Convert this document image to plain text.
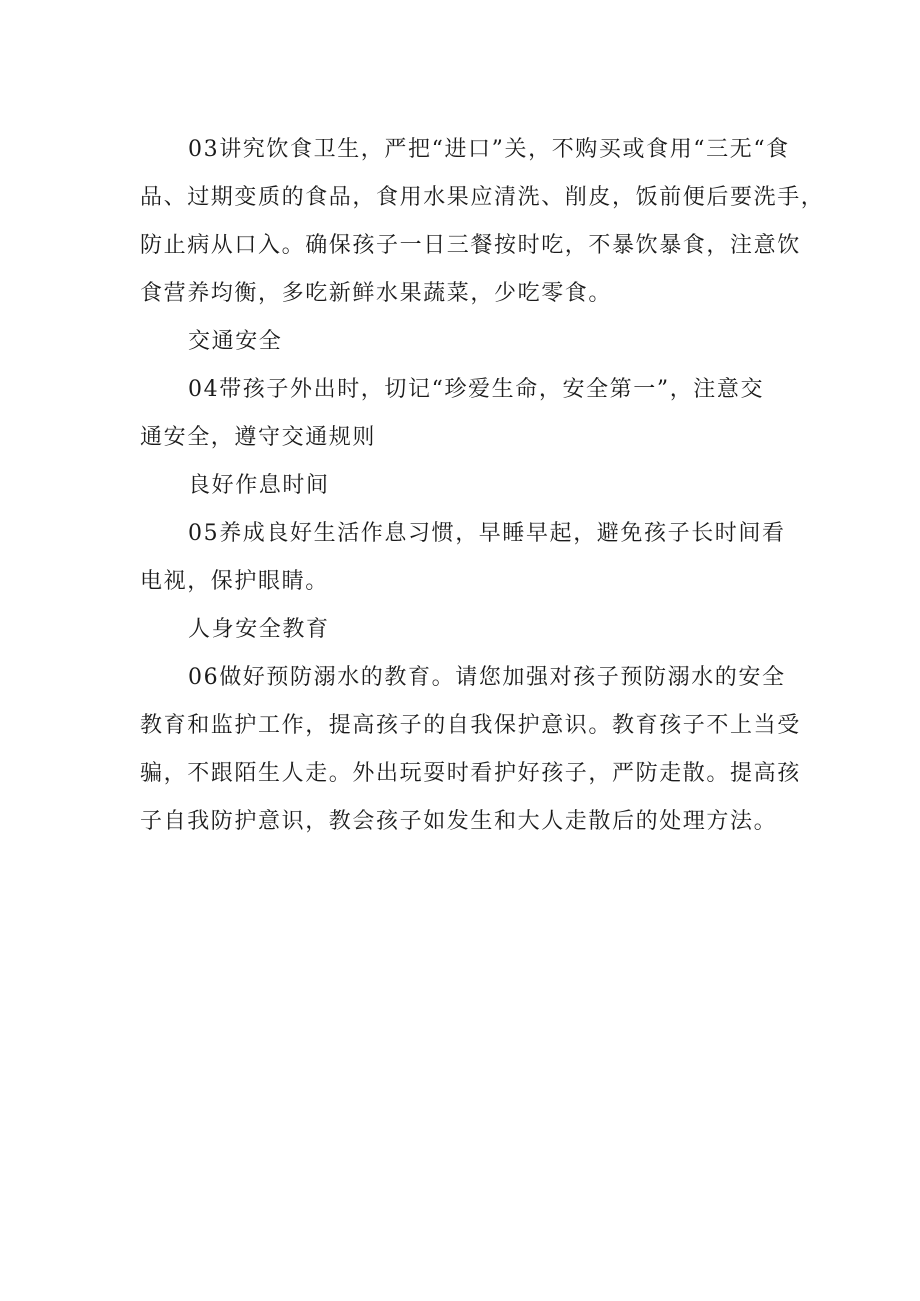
03讲究饮食卫生，严把“进口”关，不购买或食用“三无“食
品、过期变质的食品，食用水果应清洗、削皮，饭前便后要洗手，
防止病从口入。确保孩子一日三餐按时吃，不暴饮暴食，注意饮
食营养均衡，多吃新鲜水果蔬菜，少吃零食。
交通安全
04带孩子外出时，切记“珍爱生命，安全第一”，注意交
通安全，遵守交通规则
良好作息时间
05养成良好生活作息习惯，早睡早起，避免孩子长时间看
电视，保护眼睛。
人身安全教育
06做好预防溺水的教育。请您加强对孩子预防溺水的安全
教育和监护工作，提高孩子的自我保护意识。教育孩子不上当受
骗，不跟陌生人走。外出玩耍时看护好孩子，严防走散。提高孩
子自我防护意识，教会孩子如发生和大人走散后的处理方法。
